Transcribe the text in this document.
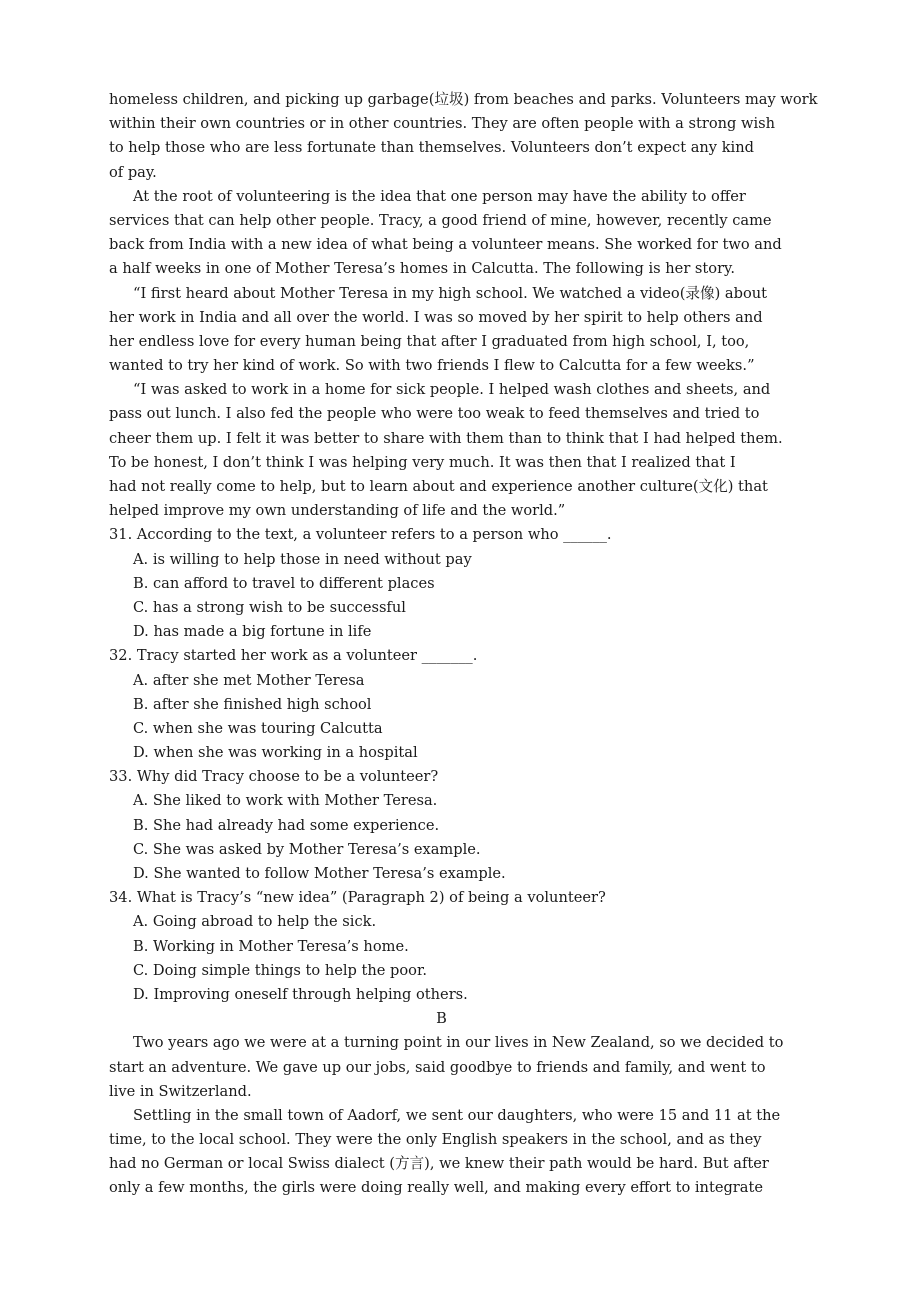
homeless children, and picking up garbage(垃圾) from beaches and parks. Volunteers may work
within their own countries or in other countries. They are often people with a strong wish
to help those who are less fortunate than themselves. Volunteers don’t expect any kind
of pay.
At the root of volunteering is the idea that one person may have the ability to offer
services that can help other people. Tracy, a good friend of mine, however, recently came
back from India with a new idea of what being a volunteer means. She worked for two and
a half weeks in one of Mother Teresa’s homes in Calcutta. The following is her story.
“I first heard about Mother Teresa in my high school. We watched a video(录像) about
her work in India and all over the world. I was so moved by her spirit to help others and
her endless love for every human being that after I graduated from high school, I, too,
wanted to try her kind of work. So with two friends I flew to Calcutta for a few weeks.”
“I was asked to work in a home for sick people. I helped wash clothes and sheets, and
pass out lunch. I also fed the people who were too weak to feed themselves and tried to
cheer them up. I felt it was better to share with them than to think that I had helped them.
To be honest, I don’t think I was helping very much. It was then that I realized that I
had not really come to help, but to learn about and experience another culture(文化) that
helped improve my own understanding of life and the world.”
31. According to the text, a volunteer refers to a person who ______.
A. is willing to help those in need without pay
B. can afford to travel to different places
C. has a strong wish to be successful
D. has made a big fortune in life
32. Tracy started her work as a volunteer _______.
A. after she met Mother Teresa
B. after she finished high school
C. when she was touring Calcutta
D. when she was working in a hospital
33. Why did Tracy choose to be a volunteer?
A. She liked to work with Mother Teresa.
B. She had already had some experience.
C. She was asked by Mother Teresa’s example.
D. She wanted to follow Mother Teresa’s example.
34. What is Tracy’s “new idea” (Paragraph 2) of being a volunteer?
A. Going abroad to help the sick.
B. Working in Mother Teresa’s home.
C. Doing simple things to help the poor.
D. Improving oneself through helping others.
B
Two years ago we were at a turning point in our lives in New Zealand, so we decided to
start an adventure. We gave up our jobs, said goodbye to friends and family, and went to
live in Switzerland.
Settling in the small town of Aadorf, we sent our daughters, who were 15 and 11 at the
time, to the local school. They were the only English speakers in the school, and as they
had no German or local Swiss dialect (方言), we knew their path would be hard. But after
only a few months, the girls were doing really well, and making every effort to integrate
